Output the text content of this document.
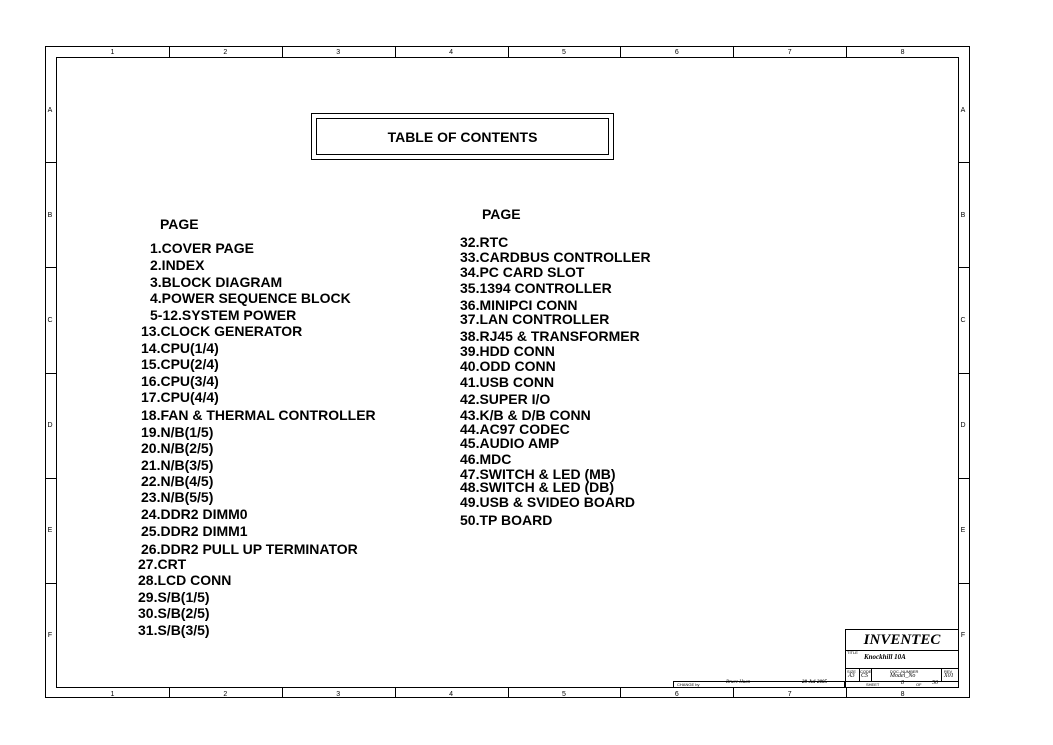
1
1
2
2
3
3
4
4
5
5
6
6
7
7
8
8
A	A
B	B
C	C
D	D
E	E
F	F
TABLE OF CONTENTS
PAGE
1.COVER PAGE
2.INDEX
3.BLOCK DIAGRAM
4.POWER SEQUENCE BLOCK
5-12.SYSTEM POWER
13.CLOCK GENERATOR
14.CPU(1/4)
15.CPU(2/4)
16.CPU(3/4)
17.CPU(4/4)
18.FAN & THERMAL CONTROLLER
19.N/B(1/5)
20.N/B(2/5)
21.N/B(3/5)
22.N/B(4/5)
23.N/B(5/5)
24.DDR2 DIMM0
25.DDR2 DIMM1
26.DDR2 PULL UP TERMINATOR
27.CRT
28.LCD CONN
29.S/B(1/5)
30.S/B(2/5)
31.S/B(3/5)
PAGE
32.RTC
33.CARDBUS CONTROLLER
34.PC CARD SLOT
35.1394 CONTROLLER
36.MINIPCI CONN
37.LAN CONTROLLER
38.RJ45 & TRANSFORMER
39.HDD CONN
40.ODD CONN
41.USB CONN
42.SUPER I/O
43.K/B & D/B CONN
44.AC97 CODEC
45.AUDIO AMP
46.MDC
47.SWITCH & LED (MB)
48.SWITCH & LED (DB)
49.USB & SVIDEO BOARD
50.TP BOARD
CHANGE by	Bruce Huan	28-Jul-2005
INVENTEC
TITLE
Knockhill 10A
SIZE
A3
CODE
CS
DOC. NUMBER
Model_No
REV
X01
SHEET	8	OF 50
